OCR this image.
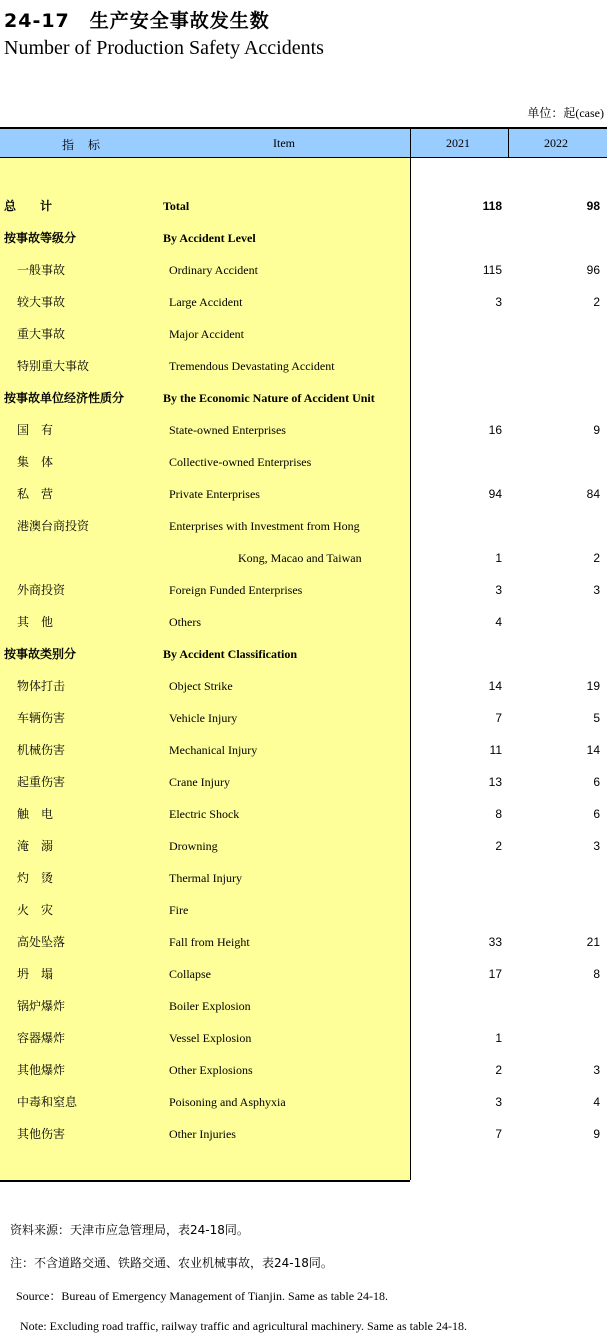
24-17　生产安全事故发生数
Number of Production Safety Accidents
单位：起(case)
指标	Item	2021	2022
总计	Total	118	98
按事故等级分	By Accident Level
一般事故	Ordinary Accident	115	96
较大事故	Large Accident	3	2
重大事故	Major Accident
特别重大事故	Tremendous Devastating Accident
按事故单位经济性质分	By the Economic Nature of Accident Unit
国　有	State-owned Enterprises	16	9
集　体	Collective-owned Enterprises
私　营	Private Enterprises	94	84
港澳台商投资	Enterprises with Investment from Hong
Kong, Macao and Taiwan	1	2
外商投资	Foreign Funded Enterprises	3	3
其　他	Others	4
按事故类别分	By Accident Classification
物体打击	Object Strike	14	19
车辆伤害	Vehicle Injury	7	5
机械伤害	Mechanical Injury	11	14
起重伤害	Crane Injury	13	6
触　电	Electric Shock	8	6
淹　溺	Drowning	2	3
灼　烫	Thermal Injury
火　灾	Fire
高处坠落	Fall from Height	33	21
坍　塌	Collapse	17	8
锅炉爆炸	Boiler Explosion
容器爆炸	Vessel Explosion	1
其他爆炸	Other Explosions	2	3
中毒和窒息	Poisoning and Asphyxia	3	4
其他伤害	Other Injuries	7	9
资料来源：天津市应急管理局，表24-18同。
注：不含道路交通、铁路交通、农业机械事故，表24-18同。
Source：Bureau of Emergency Management of Tianjin. Same as table 24-18.
Note: Excluding road traffic, railway traffic and agricultural machinery. Same as table 24-18.
